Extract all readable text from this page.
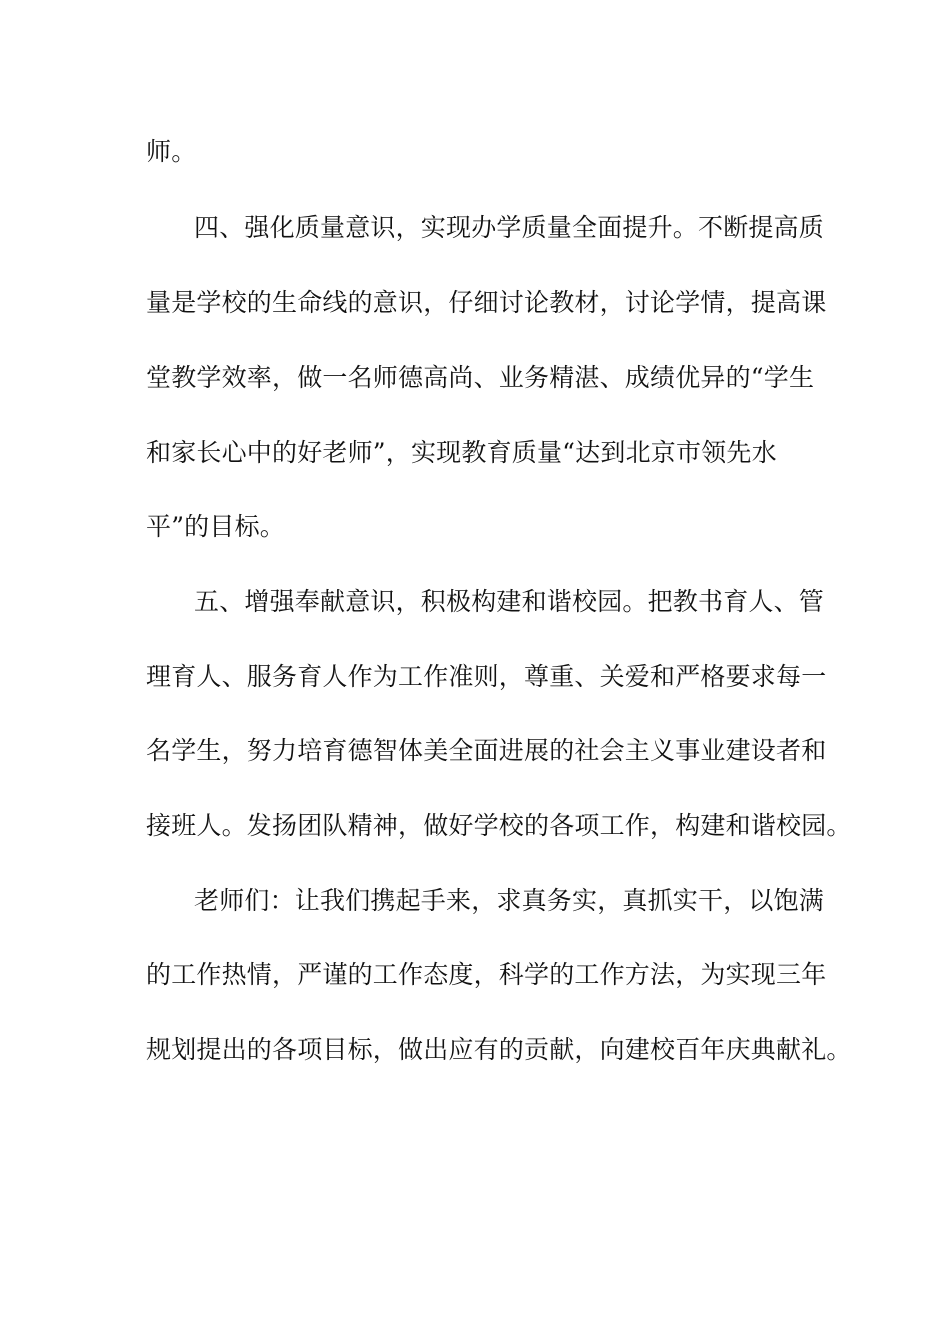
师。
四、强化质量意识，实现办学质量全面提升。不断提高质
量是学校的生命线的意识，仔细讨论教材，讨论学情，提高课
堂教学效率，做一名师德高尚、业务精湛、成绩优异的“学生
和家长心中的好老师”，实现教育质量“达到北京市领先水
平”的目标。
五、增强奉献意识，积极构建和谐校园。把教书育人、管
理育人、服务育人作为工作准则，尊重、关爱和严格要求每一
名学生，努力培育德智体美全面进展的社会主义事业建设者和
接班人。发扬团队精神，做好学校的各项工作，构建和谐校园。
老师们：让我们携起手来，求真务实，真抓实干，以饱满
的工作热情，严谨的工作态度，科学的工作方法，为实现三年
规划提出的各项目标，做出应有的贡献，向建校百年庆典献礼。
